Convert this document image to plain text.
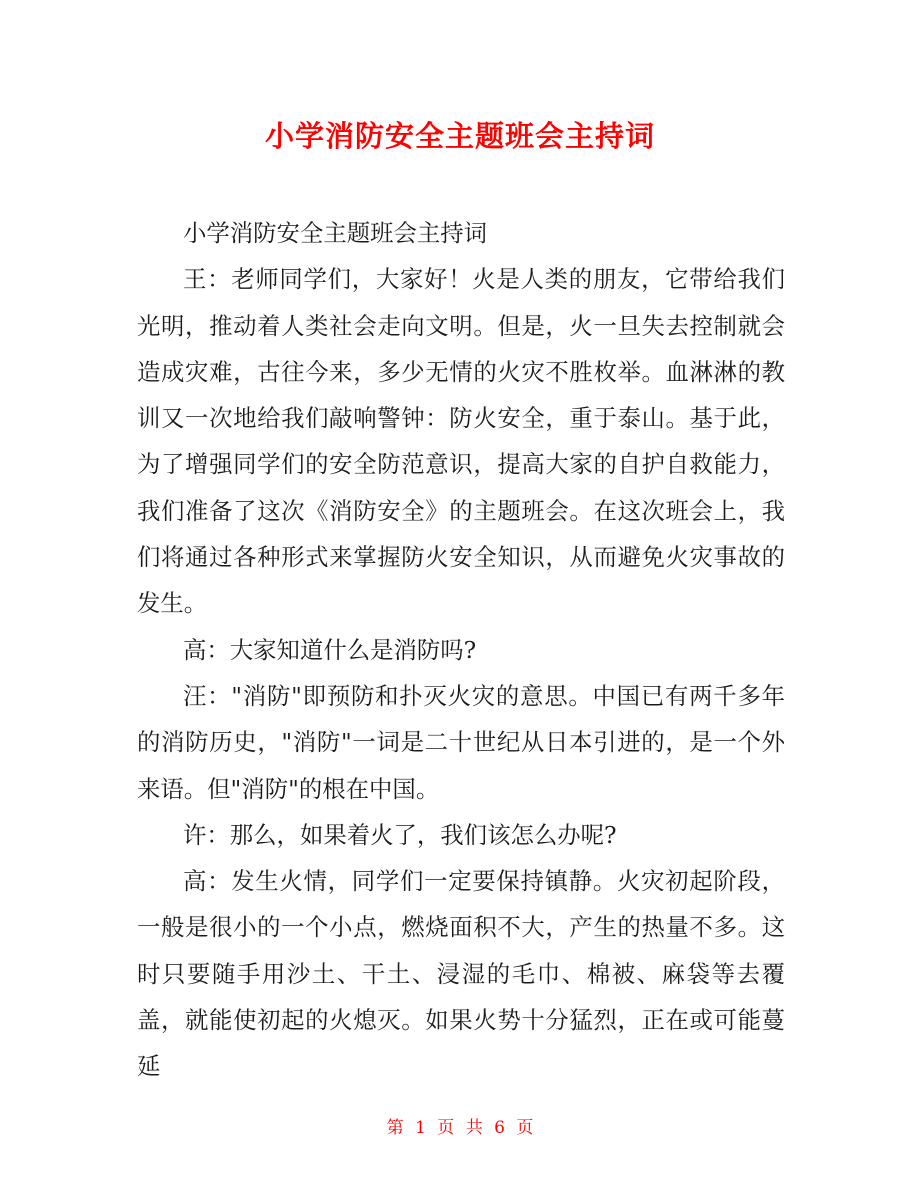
小学消防安全主题班会主持词

小学消防安全主题班会主持词

王：老师同学们，大家好！火是人类的朋友，它带给我们光明，推动着人类社会走向文明。但是，火一旦失去控制就会造成灾难，古往今来，多少无情的火灾不胜枚举。血淋淋的教训又一次地给我们敲响警钟：防火安全，重于泰山。基于此，为了增强同学们的安全防范意识，提高大家的自护自救能力，我们准备了这次《消防安全》的主题班会。在这次班会上，我们将通过各种形式来掌握防火安全知识，从而避免火灾事故的发生。

高：大家知道什么是消防吗?

汪："消防"即预防和扑灭火灾的意思。中国已有两千多年的消防历史，"消防"一词是二十世纪从日本引进的，是一个外来语。但"消防"的根在中国。

许：那么，如果着火了，我们该怎么办呢?

高：发生火情，同学们一定要保持镇静。火灾初起阶段，一般是很小的一个小点，燃烧面积不大，产生的热量不多。这时只要随手用沙土、干土、浸湿的毛巾、棉被、麻袋等去覆盖，就能使初起的火熄灭。如果火势十分猛烈，正在或可能蔓延

第 1 页 共 6 页
